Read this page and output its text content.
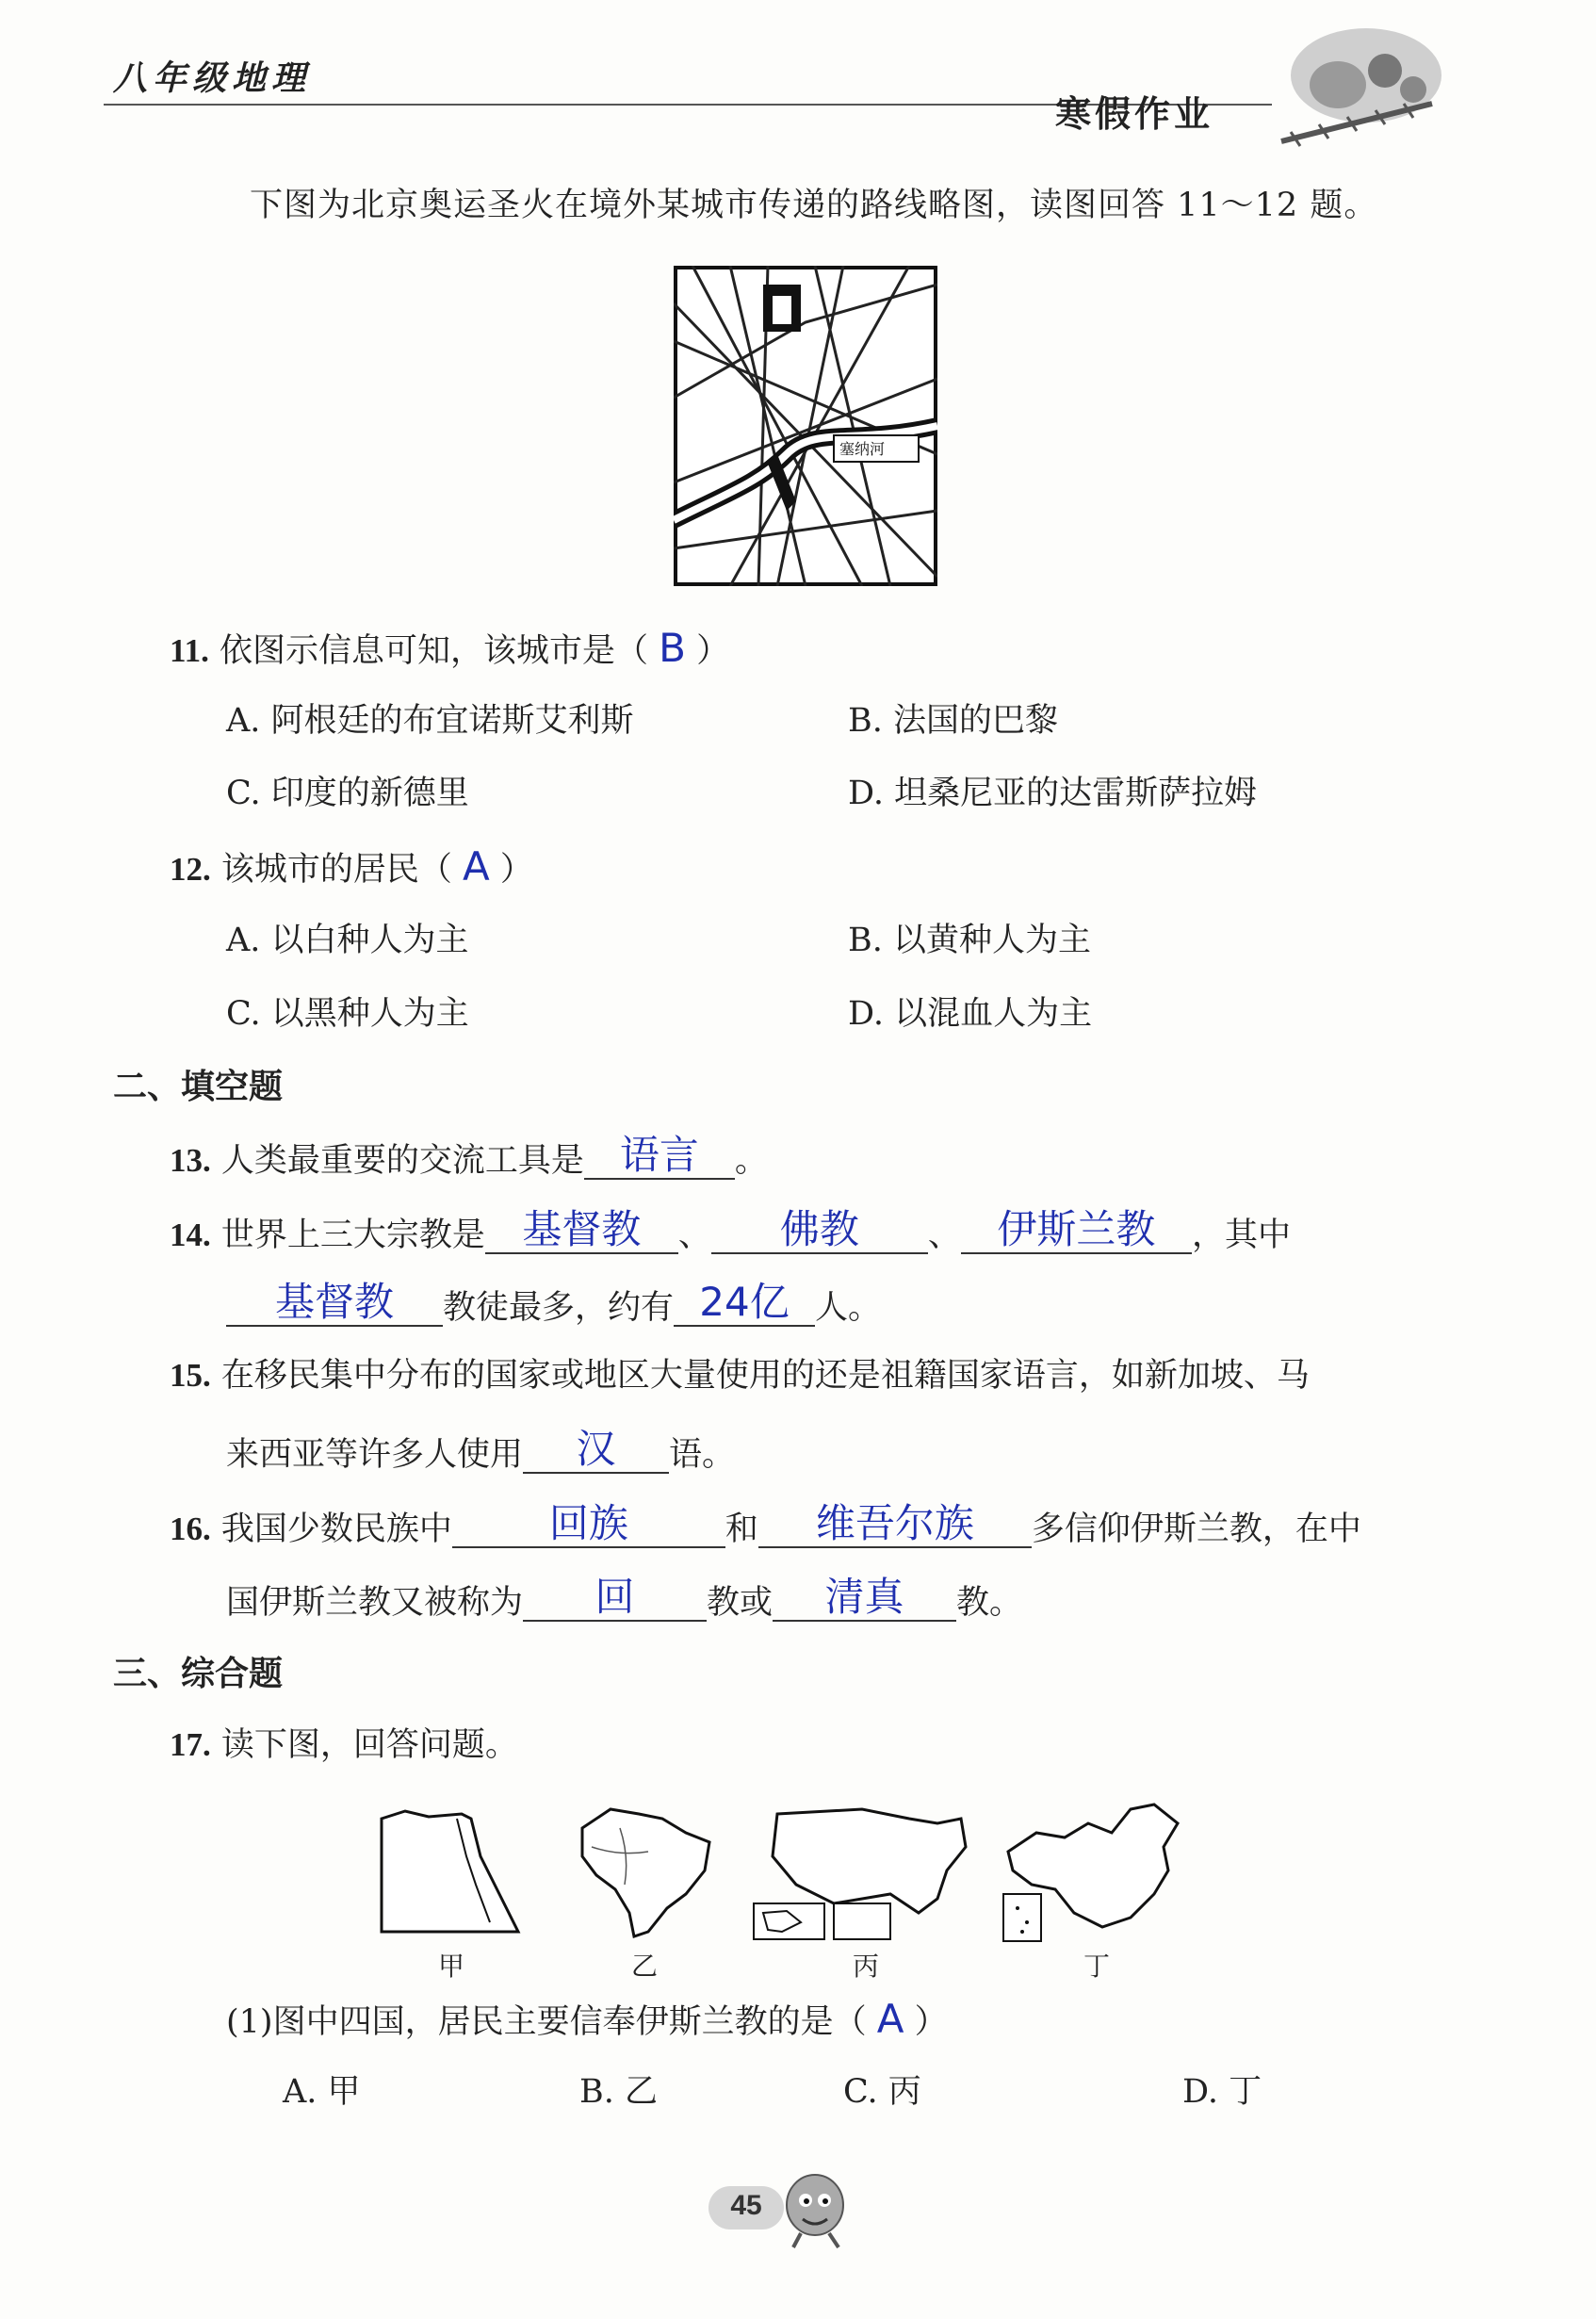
八年级地理
寒假作业
下图为北京奥运圣火在境外某城市传递的路线略图，读图回答 11～12 题。
塞纳河
11. 依图示信息可知，该城市是（ B ）
A. 阿根廷的布宜诺斯艾利斯	B. 法国的巴黎
C. 印度的新德里	D. 坦桑尼亚的达雷斯萨拉姆
12. 该城市的居民（ A ）
A. 以白种人为主	B. 以黄种人为主
C. 以黑种人为主	D. 以混血人为主
二、填空题
13. 人类最重要的交流工具是 语言	。
14. 世界上三大宗教是 基督教	、	佛教	、 伊斯兰教	，其中
基督教	教徒最多，约有 24亿 人。
15. 在移民集中分布的国家或地区大量使用的还是祖籍国家语言，如新加坡、马
来西亚等许多人使用	汉	语。
16. 我国少数民族中	回族	和	维吾尔族	多信仰伊斯兰教，在中
国伊斯兰教又被称为	回	教或	清真	教。
三、综合题
17. 读下图，回答问题。
甲	乙	丙	丁
(1)图中四国，居民主要信奉伊斯兰教的是（ A ）
A. 甲	B. 乙	C. 丙	D. 丁
45
